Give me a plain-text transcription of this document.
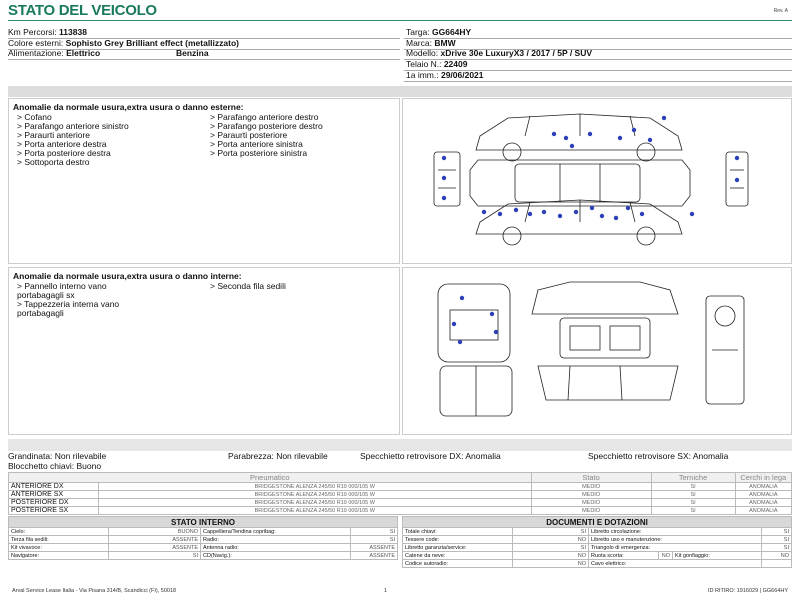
STATO DEL VEICOLO	Rev. A
Km Percorsi: 113838
Colore esterni: Sophisto Grey Brilliant effect (metallizzato)
Alimentazione: Elettrico	Benzina
Targa: GG664HY
Marca: BMW
Modello: xDrive 30e LuxuryX3 / 2017 / 5P / SUV
Telaio N.: 22409
1a imm.: 29/06/2021
Anomalie da normale usura,extra usura o danno esterne:
> Cofano
> Parafango anteriore sinistro
> Paraurti anteriore
> Porta anteriore destra
> Porta posteriore destra
> Sottoporta destro
> Parafango anteriore destro
> Parafango posteriore destro
> Paraurti posteriore
> Porta anteriore sinistra
> Porta posteriore sinistra
Anomalie da normale usura,extra usura o danno interne:
> Pannello interno vano
portabagagli sx
> Tappezzeria interna vano
portabagagli
> Seconda fila sedili
Grandinata: Non rilevabile	Parabrezza: Non rilevabile	Specchietto retrovisore DX: Anomalia	Specchietto retrovisore SX: Anomalia
Blocchetto chiavi: Buono
Pneumatico		Stato	Terniche	Cerchi in lega
ANTERIORE DX	BRIDGESTONE ALENZA 245/50 R19 000/105 W	MEDIO	SI	ANOMALIA
ANTERIORE SX	BRIDGESTONE ALENZA 245/50 R19 000/105 W	MEDIO	SI	ANOMALIA
POSTERIORE DX	BRIDGESTONE ALENZA 245/50 R19 000/105 W	MEDIO	SI	ANOMALIA
POSTERIORE SX	BRIDGESTONE ALENZA 245/50 R19 000/105 W	MEDIO	SI	ANOMALIA
STATO INTERNO			
Cielo:	BUONO	Cappelliera/Tendina copribag:	SI
Terza fila sedili:	ASSENTE	Radio:	SI
Kit vivavoce:	ASSENTE	Antenna radio:	ASSENTE
Navigatore:	SI	CD(Navig.):	ASSENTE
DOCUMENTI E DOTAZIONI					
Totale chiavi:	SI	Libretto circolazione:			SI
Tessere code:	NO	Libretto uso e manutenzione:			SI
Libretto garanzia/service:	SI	Triangolo di emergenza:			SI
Catene da neve:	NO	Ruota scorta:	NO	Kit gonfiaggio:	NO
Codice autoradio:	NO	Cavo elettrico:			
Arval Service Lease Italia - Via Pisana 314/B, Scandicci (FI), 50018	1	ID RITIRO: 1916029 | GG664HY
